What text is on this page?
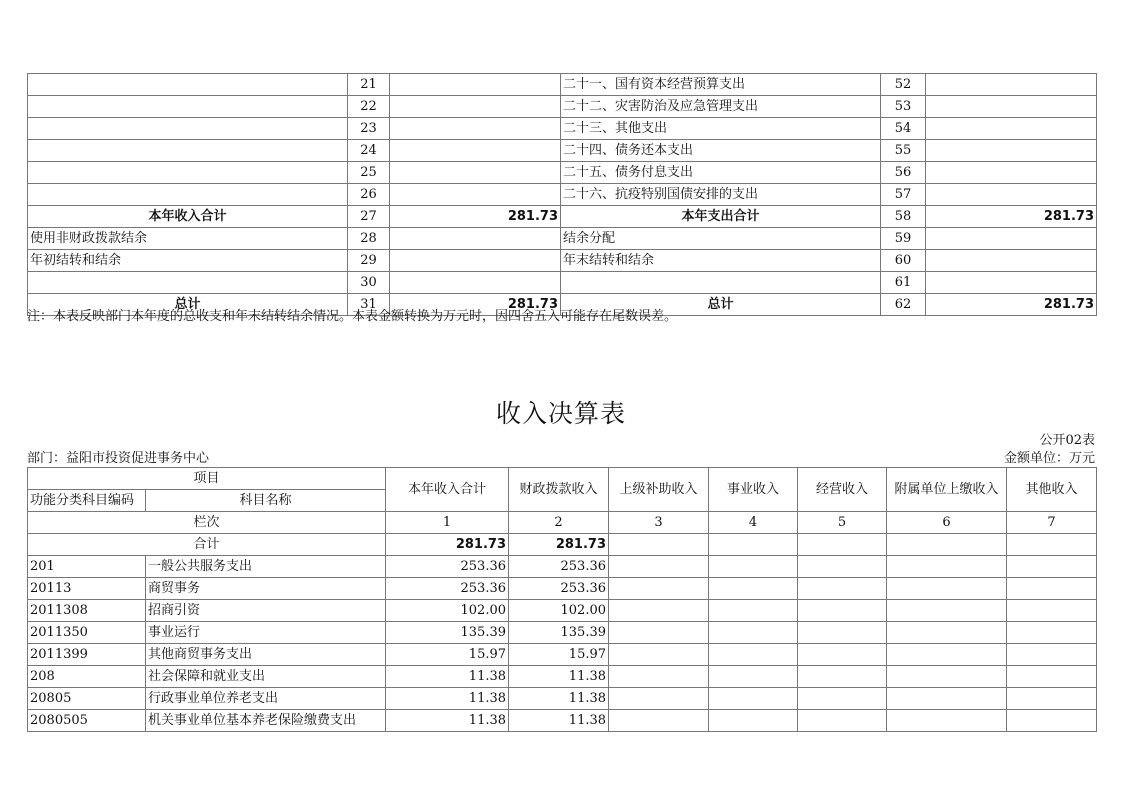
	21		二十一、国有资本经营预算支出	52	
	22		二十二、灾害防治及应急管理支出	53	
	23		二十三、其他支出	54	
	24		二十四、债务还本支出	55	
	25		二十五、债务付息支出	56	
	26		二十六、抗疫特别国债安排的支出	57	
本年收入合计	27	281.73	本年支出合计	58	281.73
使用非财政拨款结余	28		结余分配	59	
年初结转和结余	29		年末结转和结余	60	
	30			61	
总计	31	281.73	总计	62	281.73
注：本表反映部门本年度的总收支和年末结转结余情况。本表金额转换为万元时，因四舍五入可能存在尾数误差。
收入决算表
公开02表
部门：益阳市投资促进事务中心	金额单位：万元
项目		本年收入合计	财政拨款收入	上级补助收入	事业收入	经营收入	附属单位上缴收入	其他收入
功能分类科目编码	科目名称							
栏次		1	2	3	4	5	6	7
合计		281.73	281.73					
201	一般公共服务支出	253.36	253.36					
20113	商贸事务	253.36	253.36					
2011308	招商引资	102.00	102.00					
2011350	事业运行	135.39	135.39					
2011399	其他商贸事务支出	15.97	15.97					
208	社会保障和就业支出	11.38	11.38					
20805	行政事业单位养老支出	11.38	11.38					
2080505	机关事业单位基本养老保险缴费支出	11.38	11.38					
